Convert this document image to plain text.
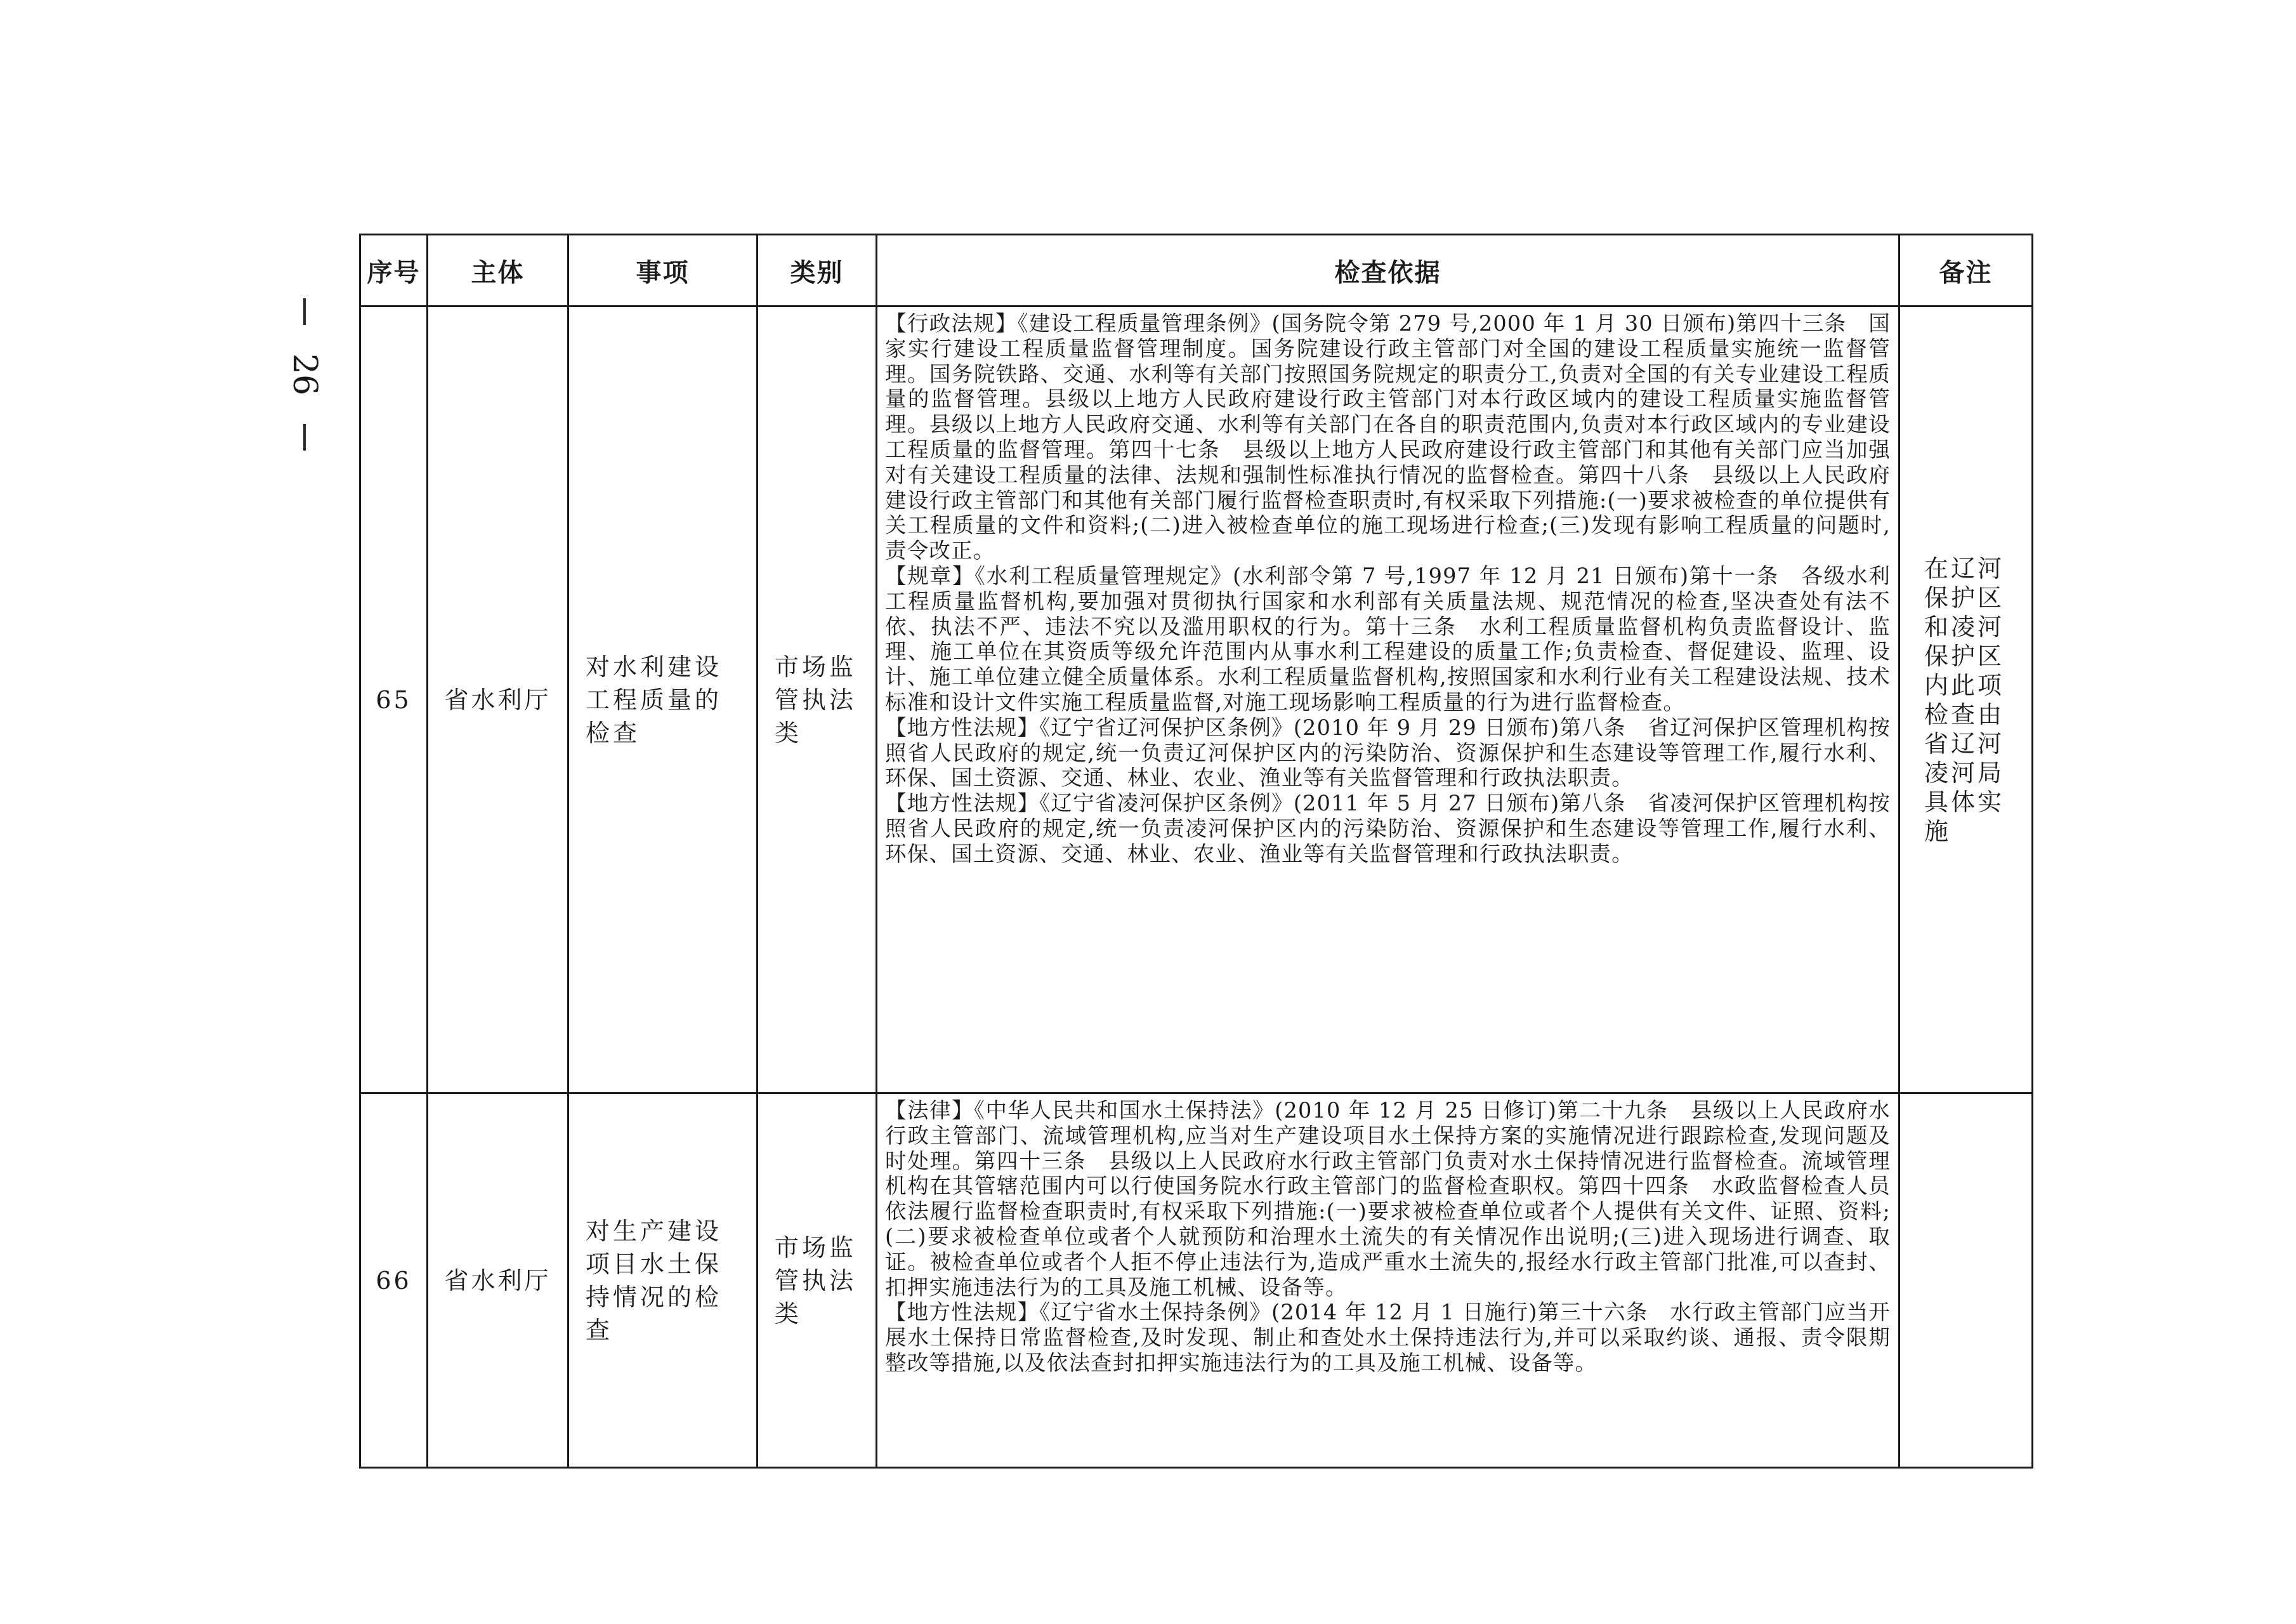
26
序号	主体	事项	类别	检查依据	备注
65	省水利厅	对水利建设工程质量的检查	市场监管执法类	【行政法规】《建设工程质量管理条例》(国务院令第 279 号,2000 年 1 月 30 日颁布)第四十三条　国家实行建设工程质量监督管理制度。国务院建设行政主管部门对全国的建设工程质量实施统一监督管理。国务院铁路、交通、水利等有关部门按照国务院规定的职责分工,负责对全国的有关专业建设工程质量的监督管理。县级以上地方人民政府建设行政主管部门对本行政区域内的建设工程质量实施监督管理。县级以上地方人民政府交通、水利等有关部门在各自的职责范围内,负责对本行政区域内的专业建设工程质量的监督管理。第四十七条　县级以上地方人民政府建设行政主管部门和其他有关部门应当加强对有关建设工程质量的法律、法规和强制性标准执行情况的监督检查。第四十八条　县级以上人民政府建设行政主管部门和其他有关部门履行监督检查职责时,有权采取下列措施:(一)要求被检查的单位提供有关工程质量的文件和资料;(二)进入被检查单位的施工现场进行检查;(三)发现有影响工程质量的问题时,责令改正。

【规章】《水利工程质量管理规定》(水利部令第 7 号,1997 年 12 月 21 日颁布)第十一条　各级水利工程质量监督机构,要加强对贯彻执行国家和水利部有关质量法规、规范情况的检查,坚决查处有法不依、执法不严、违法不究以及滥用职权的行为。第十三条　水利工程质量监督机构负责监督设计、监理、施工单位在其资质等级允许范围内从事水利工程建设的质量工作;负责检查、督促建设、监理、设计、施工单位建立健全质量体系。水利工程质量监督机构,按照国家和水利行业有关工程建设法规、技术标准和设计文件实施工程质量监督,对施工现场影响工程质量的行为进行监督检查。

【地方性法规】《辽宁省辽河保护区条例》(2010 年 9 月 29 日颁布)第八条　省辽河保护区管理机构按照省人民政府的规定,统一负责辽河保护区内的污染防治、资源保护和生态建设等管理工作,履行水利、环保、国土资源、交通、林业、农业、渔业等有关监督管理和行政执法职责。

【地方性法规】《辽宁省凌河保护区条例》(2011 年 5 月 27 日颁布)第八条　省凌河保护区管理机构按照省人民政府的规定,统一负责凌河保护区内的污染防治、资源保护和生态建设等管理工作,履行水利、环保、国土资源、交通、林业、农业、渔业等有关监督管理和行政执法职责。	在辽河保护区和凌河保护区内此项检查由省辽河凌河局具体实施
66	省水利厅	对生产建设项目水土保持情况的检查	市场监管执法类	【法律】《中华人民共和国水土保持法》(2010 年 12 月 25 日修订)第二十九条　县级以上人民政府水行政主管部门、流域管理机构,应当对生产建设项目水土保持方案的实施情况进行跟踪检查,发现问题及时处理。第四十三条　县级以上人民政府水行政主管部门负责对水土保持情况进行监督检查。流域管理机构在其管辖范围内可以行使国务院水行政主管部门的监督检查职权。第四十四条　水政监督检查人员依法履行监督检查职责时,有权采取下列措施:(一)要求被检查单位或者个人提供有关文件、证照、资料;(二)要求被检查单位或者个人就预防和治理水土流失的有关情况作出说明;(三)进入现场进行调查、取证。被检查单位或者个人拒不停止违法行为,造成严重水土流失的,报经水行政主管部门批准,可以查封、扣押实施违法行为的工具及施工机械、设备等。

【地方性法规】《辽宁省水土保持条例》(2014 年 12 月 1 日施行)第三十六条　水行政主管部门应当开展水土保持日常监督检查,及时发现、制止和查处水土保持违法行为,并可以采取约谈、通报、责令限期整改等措施,以及依法查封扣押实施违法行为的工具及施工机械、设备等。	
